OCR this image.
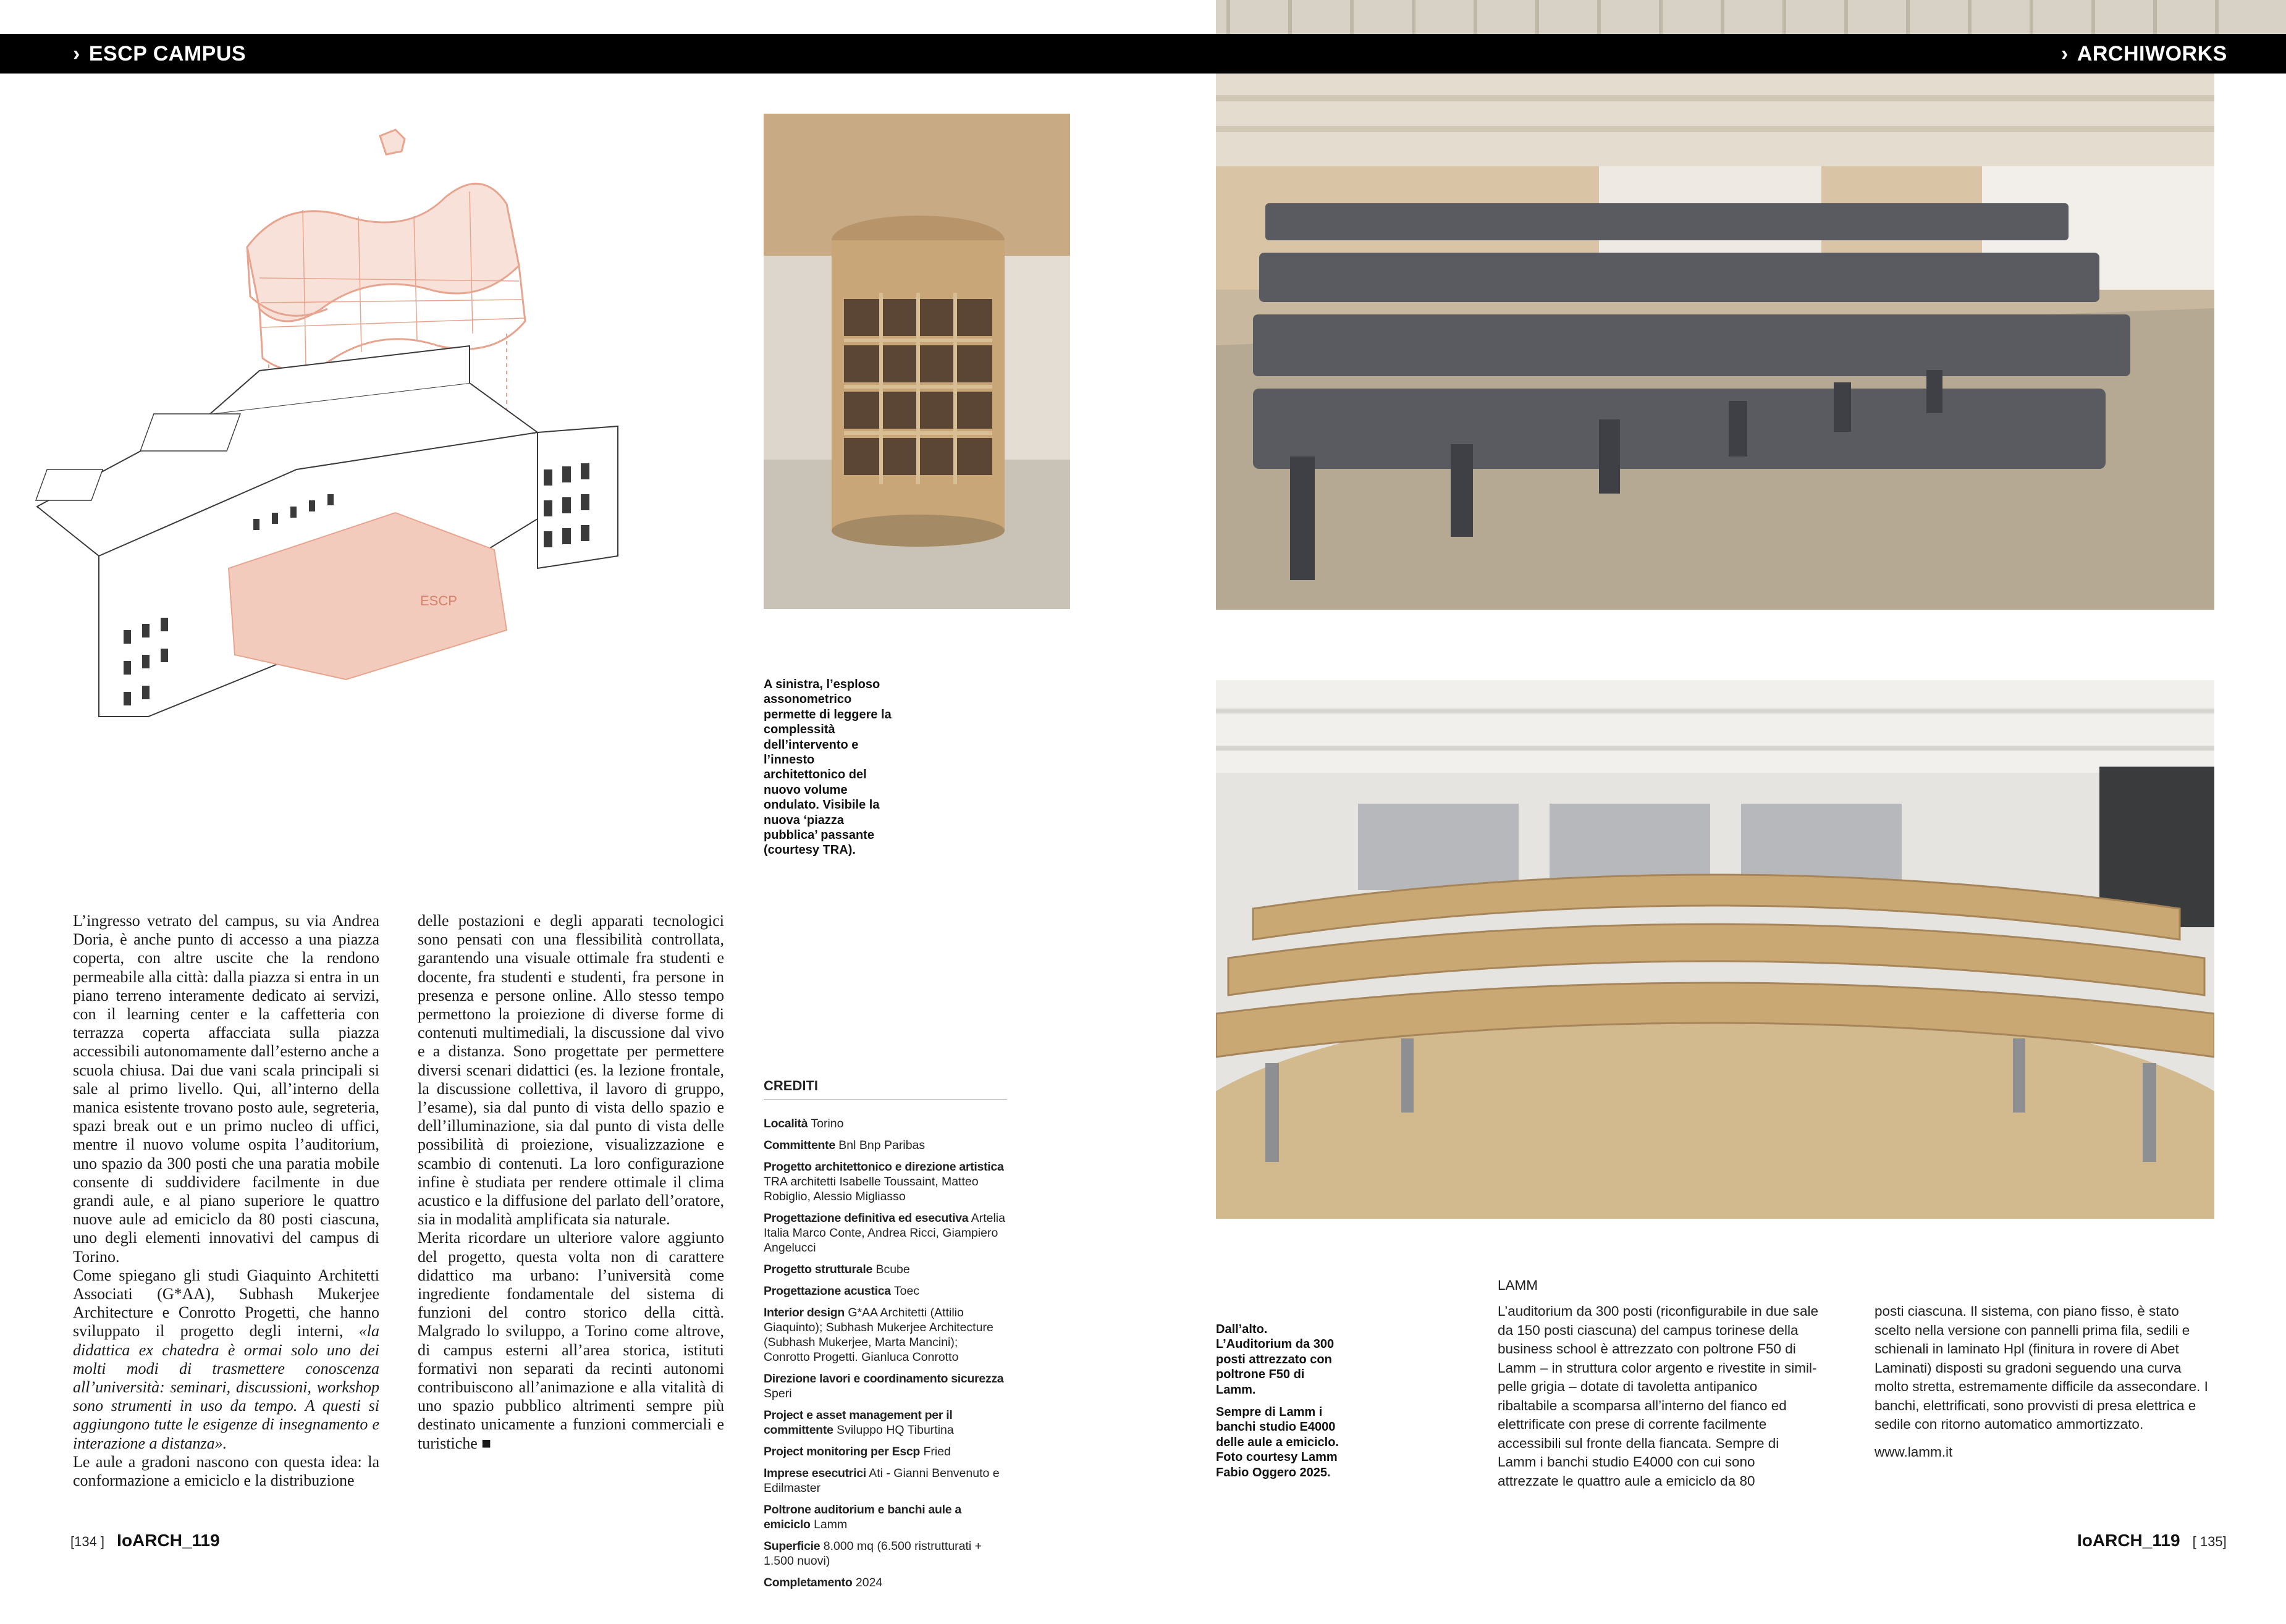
› ESCP CAMPUS	› ARCHIWORKS
ESCP
A sinistra, l’esploso assonometrico permette di leggere la complessità dell’intervento e l’innesto architettonico del nuovo volume ondulato. Visibile la nuova ‘piazza pubblica’ passante (courtesy TRA).

L’ingresso vetrato del campus, su via Andrea Doria, è anche punto di accesso a una piazza coperta, con altre uscite che la rendono permeabile alla città: dalla piazza si entra in un piano terreno interamente dedicato ai servizi, con il learning center e la caffetteria con terrazza coperta affacciata sulla piazza accessibili autonomamente dall’esterno anche a scuola chiusa. Dai due vani scala principali si sale al primo livello. Qui, all’interno della manica esistente trovano posto aule, segreteria, spazi break out e un primo nucleo di uffici, mentre il nuovo volume ospita l’auditorium, uno spazio da 300 posti che una paratia mobile consente di suddividere facilmente in due grandi aule, e al piano superiore le quattro nuove aule ad emiciclo da 80 posti ciascuna, uno degli elementi innovativi del campus di Torino.

Come spiegano gli studi Giaquinto Architetti Associati (G*AA), Subhash Mukerjee Architecture e Conrotto Progetti, che hanno sviluppato il progetto degli interni, «la didattica ex chatedra è ormai solo uno dei molti modi di trasmettere conoscenza all’università: seminari, discussioni, workshop sono strumenti in uso da tempo. A questi si aggiungono tutte le esigenze di insegnamento e interazione a distanza».

Le aule a gradoni nascono con questa idea: la conformazione a emiciclo e la distribuzione

delle postazioni e degli apparati tecnologici sono pensati con una flessibilità controllata, garantendo una visuale ottimale fra studenti e docente, fra studenti e studenti, fra persone in presenza e persone online. Allo stesso tempo permettono la proiezione di diverse forme di contenuti multimediali, la discussione dal vivo e a distanza. Sono progettate per permettere diversi scenari didattici (es. la lezione frontale, la discussione collettiva, il lavoro di gruppo, l’esame), sia dal punto di vista dello spazio e dell’illuminazione, sia dal punto di vista delle possibilità di proiezione, visualizzazione e scambio di contenuti. La loro configurazione infine è studiata per rendere ottimale il clima acustico e la diffusione del parlato dell’oratore, sia in modalità amplificata sia naturale.

Merita ricordare un ulteriore valore aggiunto del progetto, questa volta non di carattere didattico ma urbano: l’università come ingrediente fondamentale del sistema di funzioni del contro storico della città. Malgrado lo sviluppo, a Torino come altrove, di campus esterni all’area storica, istituti formativi non separati da recinti autonomi contribuiscono all’animazione e alla vitalità di uno spazio pubblico altrimenti sempre più destinato unicamente a funzioni commerciali e turistiche ■

CREDITI
Località Torino
Committente Bnl Bnp Paribas
Progetto architettonico e direzione artistica TRA architetti Isabelle Toussaint, Matteo Robiglio, Alessio Migliasso
Progettazione definitiva ed esecutiva Artelia Italia Marco Conte, Andrea Ricci, Giampiero Angelucci
Progetto strutturale Bcube
Progettazione acustica Toec
Interior design G*AA Architetti (Attilio Giaquinto); Subhash Mukerjee Architecture (Subhash Mukerjee, Marta Mancini); Conrotto Progetti. Gianluca Conrotto
Direzione lavori e coordinamento sicurezza Speri
Project e asset management per il committente Sviluppo HQ Tiburtina
Project monitoring per Escp Fried
Imprese esecutrici Ati - Gianni Benvenuto e Edilmaster
Poltrone auditorium e banchi aule a emiciclo Lamm
Superficie 8.000 mq (6.500 ristrutturati + 1.500 nuovi)
Completamento 2024
Dall’alto. L’Auditorium da 300 posti attrezzato con poltrone F50 di Lamm.
Sempre di Lamm i banchi studio E4000 delle aule a emiciclo. Foto courtesy Lamm Fabio Oggero 2025.
LAMM
L’auditorium da 300 posti (riconfigurabile in due sale da 150 posti ciascuna) del campus torinese della business school è attrezzato con poltrone F50 di Lamm – in struttura color argento e rivestite in similpelle grigia – dotate di tavoletta antipanico ribaltabile a scomparsa all’interno del fianco ed elettrificate con prese di corrente facilmente accessibili sul fronte della fiancata. Sempre di Lamm i banchi studio E4000 con cui sono attrezzate le quattro aule a emiciclo da 80
posti ciascuna. Il sistema, con piano fisso, è stato scelto nella versione con pannelli prima fila, sedili e schienali in laminato Hpl (finitura in rovere di Abet Laminati) disposti su gradoni seguendo una curva molto stretta, estremamente difficile da assecondare. I banchi, elettrificati, sono provvisti di presa elettrica e sedile con ritorno automatico ammortizzato.
www.lamm.it
[134 ] IoARCH_119	IoARCH_119 [ 135]
